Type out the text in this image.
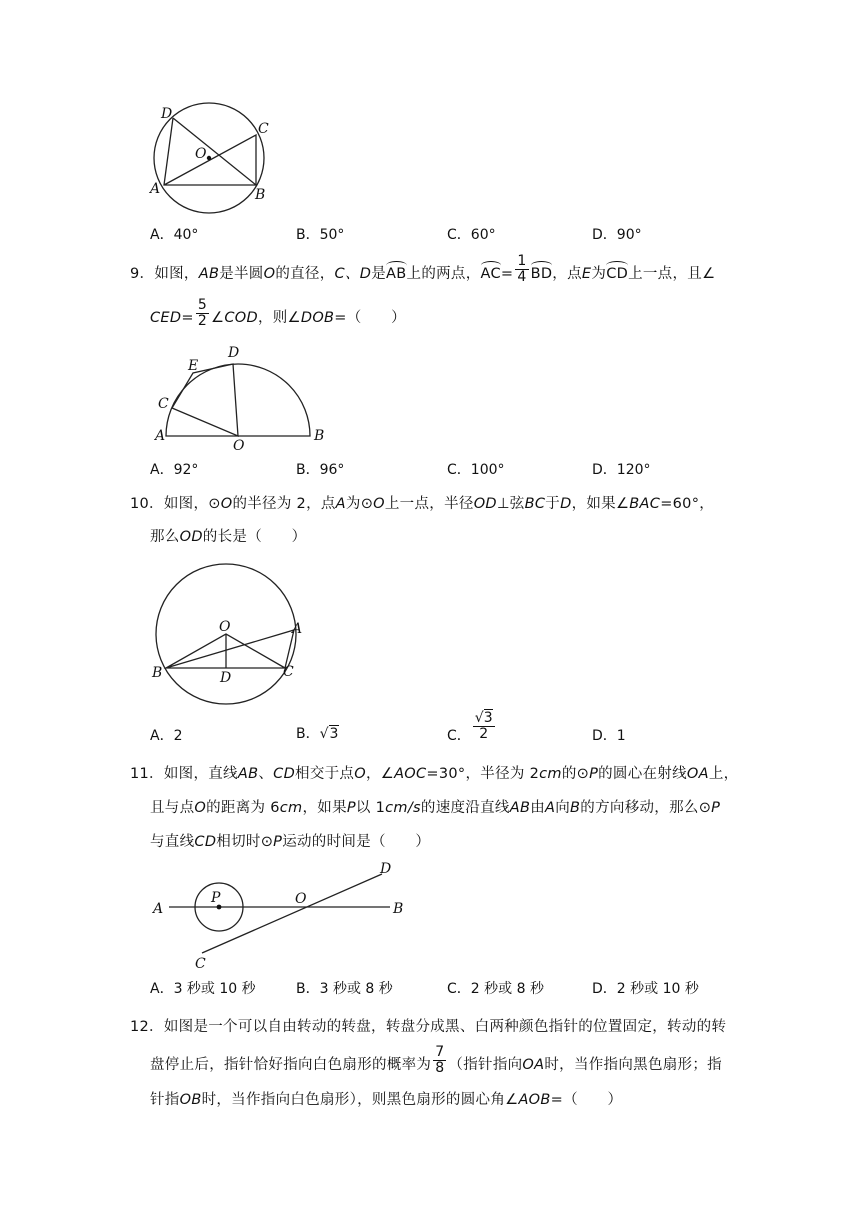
D
C
O
A	B
A．40°	B．50°	C．60°	D．90°
9．如图，AB是半圆O的直径，C、D是AB上的两点，$AC= \frac{1}{4}$ BD，点E为CD上一点，且∠
$CED= \frac{5}{2}$ ∠COD，则∠DOB=（　　）
E
D
C
A
O
B
A．92°	B．96°	C．100°	D．120°
10．如图，⊙O的半径为 2，点A为⊙O上一点，半径OD⊥弦BC于D，如果∠BAC=60°，
那么OD的长是（　　）
O	A
B	D	C
A．2	B．√3	C． $\frac{√3}{2}$	D．1
11．如图，直线AB、CD相交于点O，∠AOC=30°，半径为 2cm的⊙P的圆心在射线OA上，
且与点O的距离为 6cm，如果P以 1cm/s的速度沿直线AB由A向B的方向移动，那么⊙P
与直线CD相切时⊙P运动的时间是（　　）
A
P	O
B
D
C
A．3 秒或 10 秒	B．3 秒或 8 秒	C．2 秒或 8 秒	D．2 秒或 10 秒
12．如图是一个可以自由转动的转盘，转盘分成黑、白两种颜色指针的位置固定，转动的转
盘停止后，指针恰好指向白色扇形的概率为 $\frac{7}{8}$ （指针指向OA时，当作指向黑色扇形；指
针指OB时，当作指向白色扇形），则黑色扇形的圆心角∠AOB=（　　）
